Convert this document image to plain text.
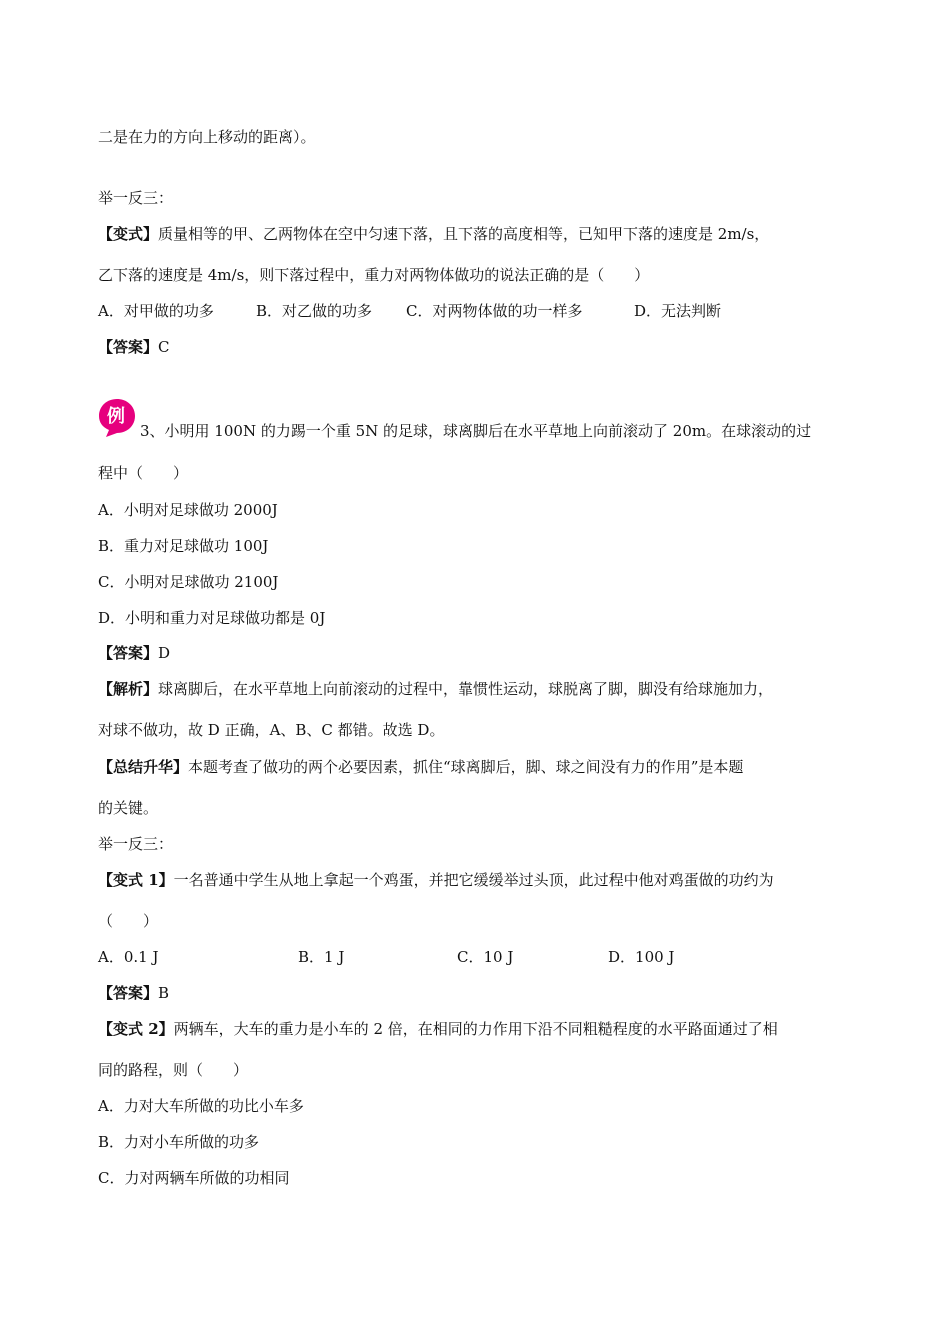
二是在力的方向上移动的距离）。
举一反三：
【变式】质量相等的甲、乙两物体在空中匀速下落，且下落的高度相等，已知甲下落的速度是 2m/s，
乙下落的速度是 4m/s，则下落过程中，重力对两物体做功的说法正确的是（　　）
A．对甲做的功多	B．对乙做的功多 C．对两物体做的功一样多	D．无法判断
【答案】C
例
3、小明用 100N 的力踢一个重 5N 的足球，球离脚后在水平草地上向前滚动了 20m。在球滚动的过
程中（　　）
A．小明对足球做功 2000J
B．重力对足球做功 100J
C．小明对足球做功 2100J
D．小明和重力对足球做功都是 0J
【答案】D
【解析】球离脚后，在水平草地上向前滚动的过程中，靠惯性运动，球脱离了脚，脚没有给球施加力，
对球不做功，故 D 正确，A、B、C 都错。故选 D。
【总结升华】本题考查了做功的两个必要因素，抓住“球离脚后，脚、球之间没有力的作用”是本题
的关键。
举一反三：
【变式 1】一名普通中学生从地上拿起一个鸡蛋，并把它缓缓举过头顶，此过程中他对鸡蛋做的功约为
（　　）
A．0.1 J	B．1 J	C．10 J	D．100 J
【答案】B
【变式 2】两辆车，大车的重力是小车的 2 倍，在相同的力作用下沿不同粗糙程度的水平路面通过了相
同的路程，则（　　）
A．力对大车所做的功比小车多
B．力对小车所做的功多
C．力对两辆车所做的功相同
